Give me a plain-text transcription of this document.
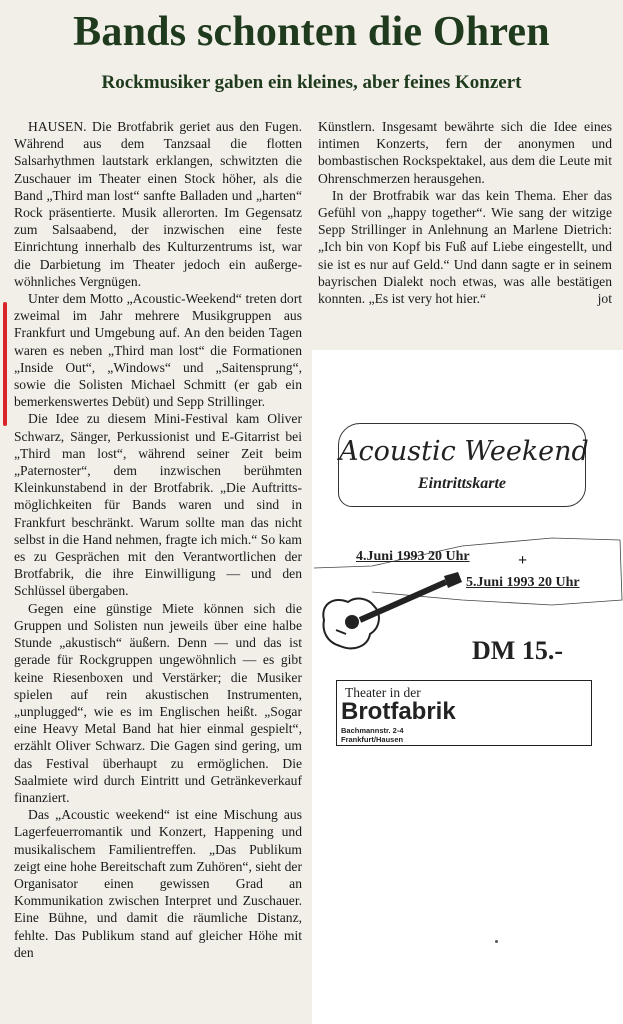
Bands schonten die Ohren
Rockmusiker gaben ein kleines, aber feines Konzert

HAUSEN. Die Brotfabrik geriet aus den Fugen. Während aus dem Tanzsaal die flotten Salsarhythmen lautstark erklangen, schwitzten die Zuschauer im Theater einen Stock höher, als die Band „Third man lost“ sanfte Balladen und „harten“ Rock präsentierte. Musik allerorten. Im Gegensatz zum Salsaabend, der inzwischen eine feste Einrichtung innerhalb des Kulturzentrums ist, war die Darbietung im Theater jedoch ein außergewöhnliches Vergnügen.

Unter dem Motto „Acoustic-Weekend“ treten dort zweimal im Jahr mehrere Musikgruppen aus Frankfurt und Umgebung auf. An den beiden Tagen waren es neben „Third man lost“ die Formationen „Inside Out“, „Windows“ und „Saitensprung“, sowie die Solisten Michael Schmitt (er gab ein bemerkenswertes Debüt) und Sepp Strillinger.

Die Idee zu diesem Mini-Festival kam Oliver Schwarz, Sänger, Perkussionist und E-Gitarrist bei „Third man lost“, während seiner Zeit beim „Paternoster“, dem inzwischen berühmten Kleinkunstabend in der Brotfabrik. „Die Auftrittsmöglichkeiten für Bands waren und sind in Frankfurt beschränkt. Warum sollte man das nicht selbst in die Hand nehmen, fragte ich mich.“ So kam es zu Gesprächen mit den Verantwortlichen der Brotfabrik, die ihre Einwilligung — und den Schlüssel übergaben.

Gegen eine günstige Miete können sich die Gruppen und Solisten nun jeweils über eine halbe Stunde „akustisch“ äußern. Denn — und das ist gerade für Rockgruppen ungewöhnlich — es gibt keine Riesenboxen und Verstärker; die Musiker spielen auf rein akustischen Instrumenten, „unplugged“, wie es im Englischen heißt. „Sogar eine Heavy Metal Band hat hier einmal gespielt“, erzählt Oliver Schwarz. Die Gagen sind gering, um das Festival überhaupt zu ermöglichen. Die Saalmiete wird durch Eintritt und Getränkeverkauf finanziert.

Das „Acoustic weekend“ ist eine Mischung aus Lagerfeuerromantik und Konzert, Happening und musikalischem Familientreffen. „Das Publikum zeigt eine hohe Bereitschaft zum Zuhören“, sieht der Organisator einen gewissen Grad an Kommunikation zwischen Interpret und Zuschauer. Eine Bühne, und damit die räumliche Distanz, fehlte. Das Publikum stand auf gleicher Höhe mit den

Künstlern. Insgesamt bewährte sich die Idee eines intimen Konzerts, fern der anonymen und bombastischen Rockspektakel, aus dem die Leute mit Ohrenschmerzen herausgehen.

In der Brotfrabik war das kein Thema. Eher das Gefühl von „happy together“. Wie sang der witzige Sepp Strillinger in Anlehnung an Marlene Dietrich: „Ich bin von Kopf bis Fuß auf Liebe eingestellt, und sie ist es nur auf Geld.“ Und dann sagte er in seinem bayrischen Dialekt noch etwas, was alle bestätigen konnten. „Es ist very hot hier.“	jot

Acoustic Weekend
Eintrittskarte
4.Juni 1993 20 Uhr	+
5.Juni 1993 20 Uhr
DM 15.-
Theater in der
Brotfabrik
Bachmannstr. 2-4
Frankfurt/Hausen
